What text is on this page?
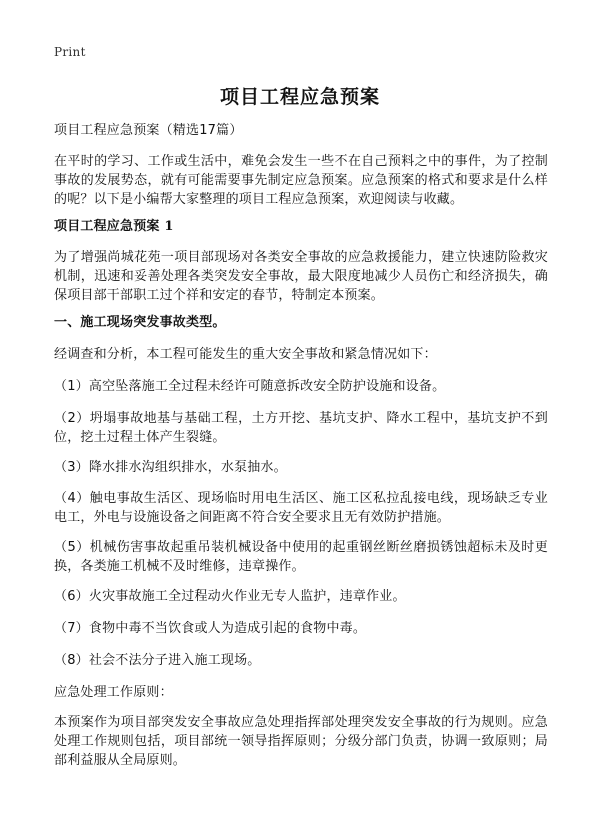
Print
项目工程应急预案
项目工程应急预案（精选17篇）
在平时的学习、工作或生活中，难免会发生一些不在自己预料之中的事件，为了控制事故的发展势态，就有可能需要事先制定应急预案。应急预案的格式和要求是什么样的呢？以下是小编帮大家整理的项目工程应急预案，欢迎阅读与收藏。
项目工程应急预案 1
为了增强尚城花苑一项目部现场对各类安全事故的应急救援能力，建立快速防险救灾机制，迅速和妥善处理各类突发安全事故，最大限度地减少人员伤亡和经济损失，确保项目部干部职工过个祥和安定的春节，特制定本预案。
一、施工现场突发事故类型。
经调查和分析，本工程可能发生的重大安全事故和紧急情况如下：
（1）高空坠落施工全过程未经许可随意拆改安全防护设施和设备。
（2）坍塌事故地基与基础工程，土方开挖、基坑支护、降水工程中，基坑支护不到位，挖土过程土体产生裂缝。
（3）降水排水沟组织排水，水泵抽水。
（4）触电事故生活区、现场临时用电生活区、施工区私拉乱接电线，现场缺乏专业电工，外电与设施设备之间距离不符合安全要求且无有效防护措施。
（5）机械伤害事故起重吊装机械设备中使用的起重钢丝断丝磨损锈蚀超标未及时更换，各类施工机械不及时维修，违章操作。
（6）火灾事故施工全过程动火作业无专人监护，违章作业。
（7）食物中毒不当饮食或人为造成引起的食物中毒。
（8）社会不法分子进入施工现场。
应急处理工作原则：
本预案作为项目部突发安全事故应急处理指挥部处理突发安全事故的行为规则。应急处理工作规则包括，项目部统一领导指挥原则；分级分部门负责，协调一致原则；局部利益服从全局原则。
